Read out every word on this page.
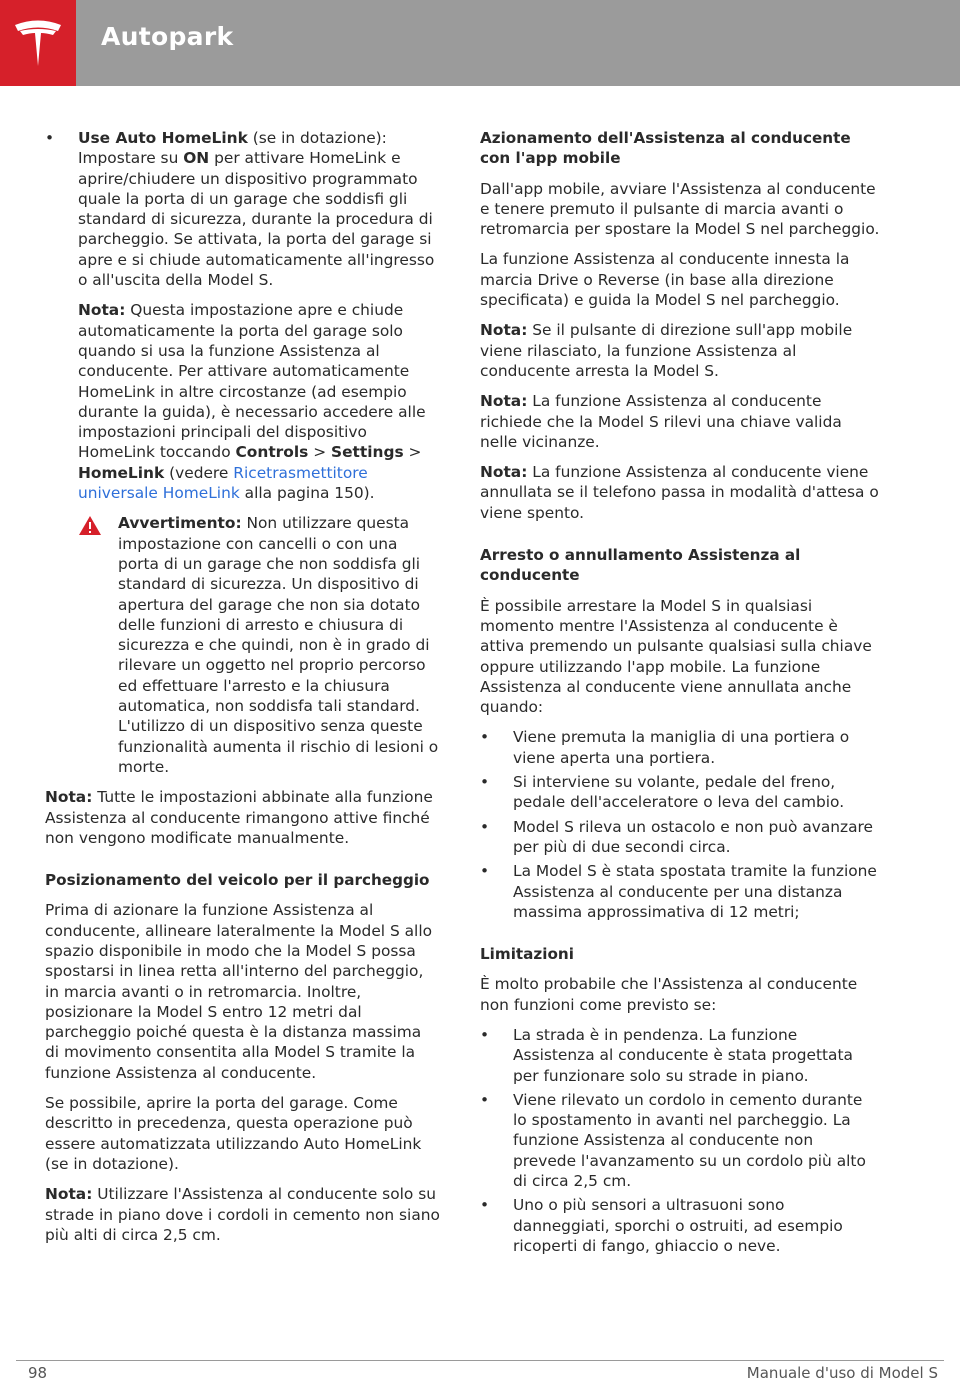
Autopark
• Use Auto HomeLink (se in dotazione): Impostare su ON per attivare HomeLink e aprire/chiudere un dispositivo programmato quale la porta di un garage che soddisfi gli standard di sicurezza, durante la procedura di parcheggio. Se attivata, la porta del garage si apre e si chiude automaticamente all'ingresso o all'uscita della Model S.

Nota: Questa impostazione apre e chiude automaticamente la porta del garage solo quando si usa la funzione Assistenza al conducente. Per attivare automaticamente HomeLink in altre circostanze (ad esempio durante la guida), è necessario accedere alle impostazioni principali del dispositivo HomeLink toccando Controls > Settings > HomeLink (vedere Ricetrasmettitore universale HomeLink alla pagina 150).

Avvertimento: Non utilizzare questa impostazione con cancelli o con una porta di un garage che non soddisfa gli standard di sicurezza. Un dispositivo di apertura del garage che non sia dotato delle funzioni di arresto e chiusura di sicurezza e che quindi, non è in grado di rilevare un oggetto nel proprio percorso ed effettuare l'arresto e la chiusura automatica, non soddisfa tali standard. L'utilizzo di un dispositivo senza queste funzionalità aumenta il rischio di lesioni o morte.

Nota: Tutte le impostazioni abbinate alla funzione Assistenza al conducente rimangono attive finché non vengono modificate manualmente.

Posizionamento del veicolo per il parcheggio

Prima di azionare la funzione Assistenza al conducente, allineare lateralmente la Model S allo spazio disponibile in modo che la Model S possa spostarsi in linea retta all'interno del parcheggio, in marcia avanti o in retromarcia. Inoltre, posizionare la Model S entro 12 metri dal parcheggio poiché questa è la distanza massima di movimento consentita alla Model S tramite la funzione Assistenza al conducente.

Se possibile, aprire la porta del garage. Come descritto in precedenza, questa operazione può essere automatizzata utilizzando Auto HomeLink (se in dotazione).

Nota: Utilizzare l'Assistenza al conducente solo su strade in piano dove i cordoli in cemento non siano più alti di circa 2,5 cm.

Azionamento dell'Assistenza al conducente con l'app mobile

Dall'app mobile, avviare l'Assistenza al conducente e tenere premuto il pulsante di marcia avanti o retromarcia per spostare la Model S nel parcheggio.

La funzione Assistenza al conducente innesta la marcia Drive o Reverse (in base alla direzione specificata) e guida la Model S nel parcheggio.

Nota: Se il pulsante di direzione sull'app mobile viene rilasciato, la funzione Assistenza al conducente arresta la Model S.

Nota: La funzione Assistenza al conducente richiede che la Model S rilevi una chiave valida nelle vicinanze.

Nota: La funzione Assistenza al conducente viene annullata se il telefono passa in modalità d'attesa o viene spento.

Arresto o annullamento Assistenza al conducente

È possibile arrestare la Model S in qualsiasi momento mentre l'Assistenza al conducente è attiva premendo un pulsante qualsiasi sulla chiave oppure utilizzando l'app mobile. La funzione Assistenza al conducente viene annullata anche quando:

• Viene premuta la maniglia di una portiera o viene aperta una portiera.
• Si interviene su volante, pedale del freno, pedale dell'acceleratore o leva del cambio.
• Model S rileva un ostacolo e non può avanzare per più di due secondi circa.
• La Model S è stata spostata tramite la funzione Assistenza al conducente per una distanza massima approssimativa di 12 metri;
Limitazioni

È molto probabile che l'Assistenza al conducente non funzioni come previsto se:

• La strada è in pendenza. La funzione Assistenza al conducente è stata progettata per funzionare solo su strade in piano.
• Viene rilevato un cordolo in cemento durante lo spostamento in avanti nel parcheggio. La funzione Assistenza al conducente non prevede l'avanzamento su un cordolo più alto di circa 2,5 cm.
• Uno o più sensori a ultrasuoni sono danneggiati, sporchi o ostruiti, ad esempio ricoperti di fango, ghiaccio o neve.
98	Manuale d'uso di Model S
